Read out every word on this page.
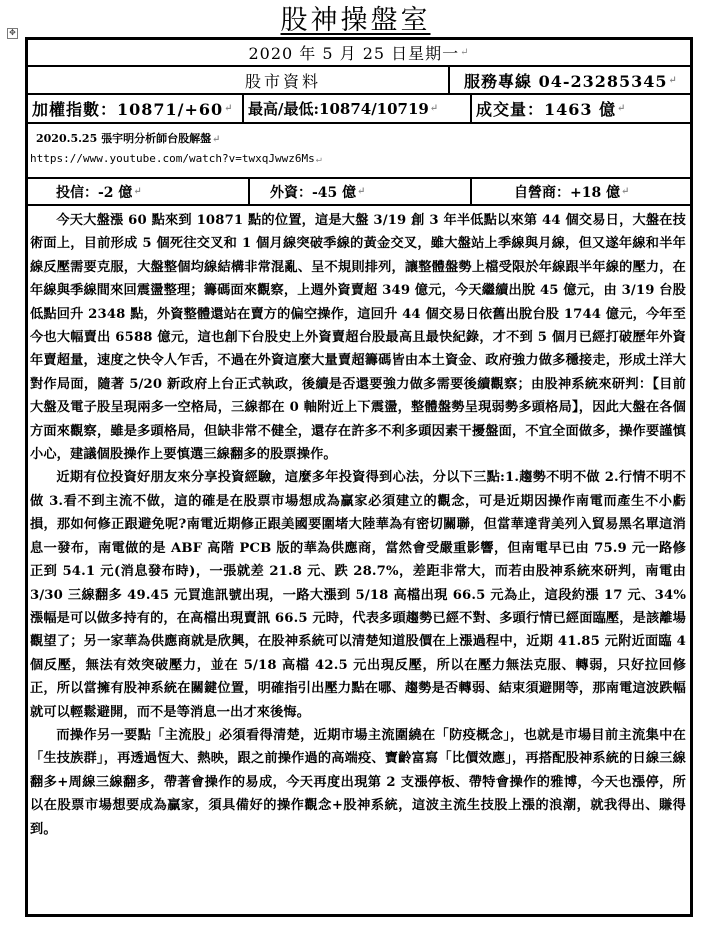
股神操盤室
✥
2020 年 5 月 25 日星期一 ↵
股市資料	服務專線 04-23285345 ↵
加權指數：10871/+60 ↵ 最高/最低:10874/10719 ↵ 成交量：1463 億 ↵
2020.5.25 張宇明分析師台股解盤↵
https://www.youtube.com/watch?v=twxqJwwz6Ms↵
投信：-2 億 ↵	外資：-45 億 ↵	自營商：+18 億 ↵

今天大盤漲 60 點來到 10871 點的位置，這是大盤 3/19 創 3 年半低點以來第 44 個交易日，大盤在技術面上，目前形成 5 個死往交叉和 1 個月線突破季線的黃金交叉，雖大盤站上季線與月線，但又遂年線和半年線反壓需要克服，大盤整個均線結構非常混亂、呈不規則排列，讓整體盤勢上檔受限於年線跟半年線的壓力，在年線與季線間來回震盪整理；籌碼面來觀察，上週外資賣超 349 億元，今天繼續出脫 45 億元，由 3/19 台股低點回升 2348 點，外資整體還站在賣方的偏空操作，這回升 44 個交易日依舊出脫台股 1744 億元，今年至今也大幅賣出 6588 億元，這也創下台股史上外資賣超台股最高且最快紀錄，才不到 5 個月已經打破歷年外資年賣超量，速度之快令人乍舌，不過在外資這麼大量賣超籌碼皆由本土資金、政府強力做多穩接走，形成土洋大對作局面，隨著 5/20 新政府上台正式執政，後續是否還要強力做多需要後續觀察；由股神系統來研判：【目前大盤及電子股呈現兩多一空格局，三線都在 0 軸附近上下震盪，整體盤勢呈現弱勢多頭格局】，因此大盤在各個方面來觀察，雖是多頭格局，但缺非常不健全，還存在許多不利多頭因素干擾盤面，不宜全面做多，操作要謹慎小心，建議個股操作上要慎選三線翻多的股票操作。

近期有位投資好朋友來分享投資經驗，這麼多年投資得到心法，分以下三點:1.趨勢不明不做 2.行情不明不做 3.看不到主流不做，這的確是在股票市場想成為贏家必須建立的觀念，可是近期因操作南電而產生不小虧損，那如何修正跟避免呢?南電近期修正跟美國要圍堵大陸華為有密切關聯，但當華達背美列入貿易黑名單這消息一發布，南電做的是 ABF 高階 PCB 版的華為供應商，當然會受嚴重影響，但南電早已由 75.9 元一路修正到 54.1 元(消息發布時)，一張就差 21.8 元、跌 28.7%，差距非常大，而若由股神系統來研判，南電由 3/30 三線翻多 49.45 元買進訊號出現，一路大漲到 5/18 高檔出現 66.5 元為止，這段約漲 17 元、34%漲幅是可以做多持有的，在高檔出現賣訊 66.5 元時，代表多頭趨勢已經不對、多頭行情已經面臨壓，是該離場觀望了；另一家華為供應商就是欣興，在股神系統可以清楚知道股價在上漲過程中，近期 41.85 元附近面臨 4 個反壓，無法有效突破壓力，並在 5/18 高檔 42.5 元出現反壓，所以在壓力無法克服、轉弱，只好拉回修正，所以當擁有股神系統在關鍵位置，明確指引出壓力點在哪、趨勢是否轉弱、結束須避開等，那南電這波跌幅就可以輕鬆避開，而不是等消息一出才來後悔。

而操作另一要點「主流股」必須看得清楚，近期市場主流圍繞在「防疫概念」，也就是市場目前主流集中在「生技族群」，再透過恆大、熱映，跟之前操作過的高端疫、寶齡富寫「比價效應」，再搭配股神系統的日線三線翻多+周線三線翻多，帶著會操作的易成，今天再度出現第 2 支漲停板、帶特會操作的雅博，今天也漲停，所以在股票市場想要成為贏家，須具備好的操作觀念+股神系統，這波主流生技股上漲的浪潮，就我得出、賺得到。
